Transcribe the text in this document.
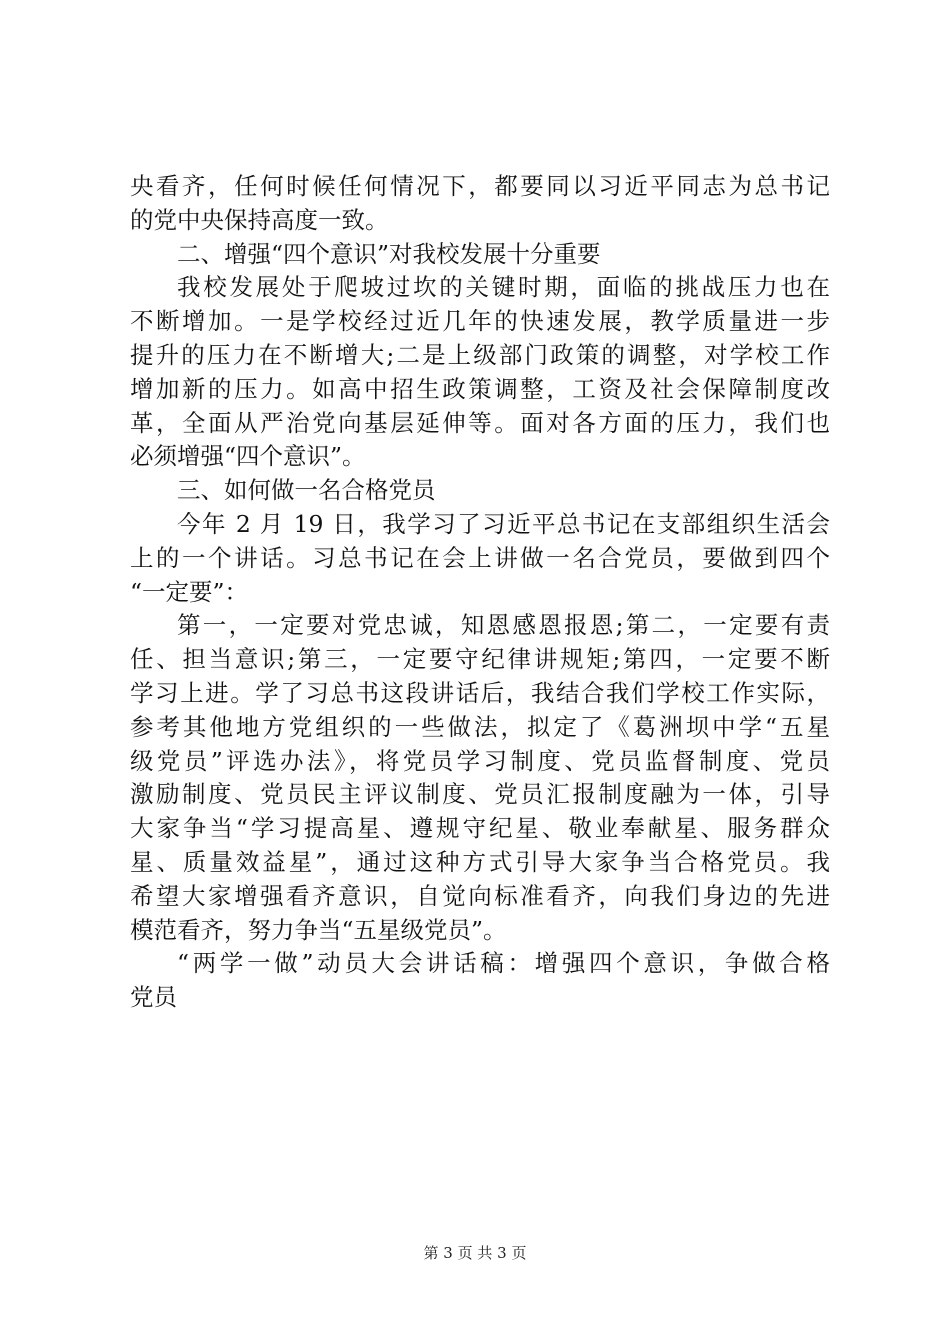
央看齐，任何时候任何情况下，都要同以习近平同志为总书记
的党中央保持高度一致。
二、增强“四个意识”对我校发展十分重要
我校发展处于爬坡过坎的关键时期，面临的挑战压力也在
不断增加。一是学校经过近几年的快速发展，教学质量进一步
提升的压力在不断增大;二是上级部门政策的调整，对学校工作
增加新的压力。如高中招生政策调整，工资及社会保障制度改
革，全面从严治党向基层延伸等。面对各方面的压力，我们也
必须增强“四个意识”。
三、如何做一名合格党员
今年 2 月 19 日，我学习了习近平总书记在支部组织生活会
上的一个讲话。习总书记在会上讲做一名合党员，要做到四个
“一定要”：
第一，一定要对党忠诚，知恩感恩报恩;第二，一定要有责
任、担当意识;第三，一定要守纪律讲规矩;第四，一定要不断
学习上进。学了习总书这段讲话后，我结合我们学校工作实际，
参考其他地方党组织的一些做法，拟定了《葛洲坝中学“五星
级党员”评选办法》，将党员学习制度、党员监督制度、党员
激励制度、党员民主评议制度、党员汇报制度融为一体，引导
大家争当“学习提高星、遵规守纪星、敬业奉献星、服务群众
星、质量效益星”，通过这种方式引导大家争当合格党员。我
希望大家增强看齐意识，自觉向标准看齐，向我们身边的先进
模范看齐，努力争当“五星级党员”。
“两学一做”动员大会讲话稿：增强四个意识，争做合格
党员
第 3 页 共 3 页
